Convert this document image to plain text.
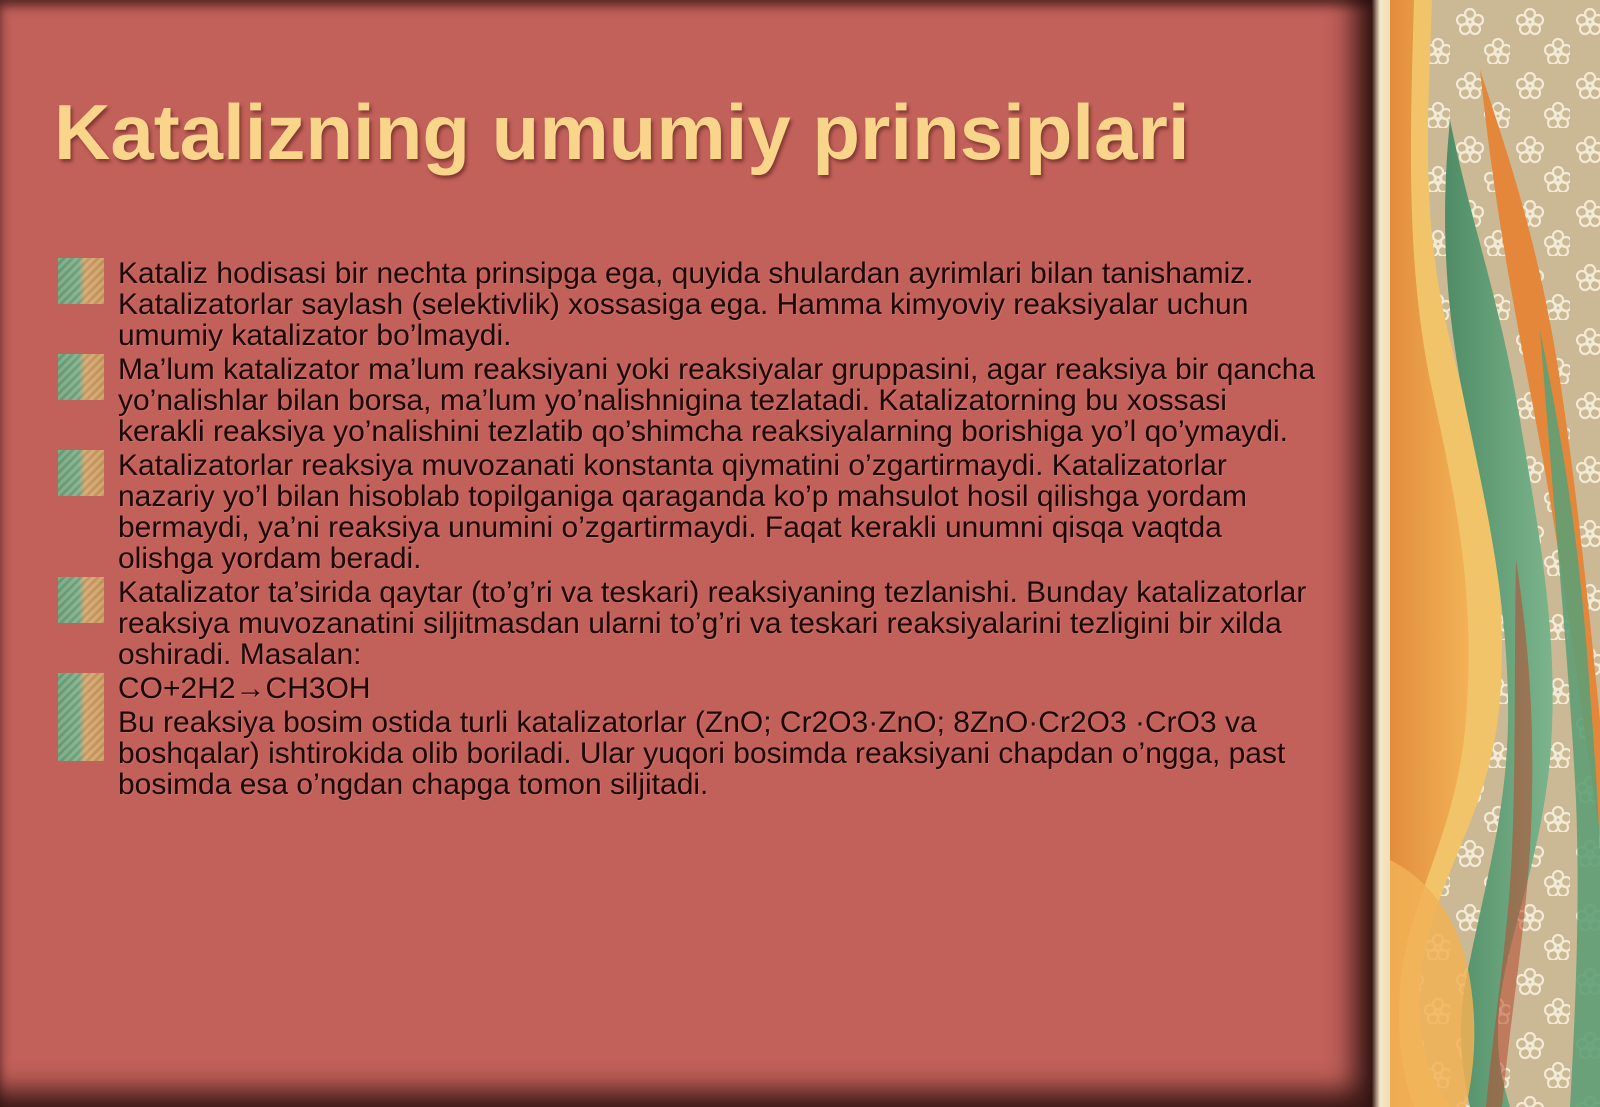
Katalizning umumiy prinsiplari
Kataliz hodisasi bir nechta prinsipga ega, quyida shulardan ayrimlari bilan tanishamiz. Katalizatorlar saylash (selektivlik) xossasiga ega. Hamma kimyoviy reaksiyalar uchun umumiy katalizator bo’lmaydi.
Ma’lum katalizator ma’lum reaksiyani yoki reaksiyalar gruppasini, agar reaksiya bir qancha yo’nalishlar bilan borsa, ma’lum yo’nalishnigina tezlatadi. Katalizatorning bu xossasi kerakli reaksiya yo’nalishini tezlatib qo’shimcha reaksiyalarning borishiga yo’l qo’ymaydi.
Katalizatorlar reaksiya muvozanati konstanta qiymatini o’zgartirmaydi. Katalizatorlar nazariy yo’l bilan hisoblab topilganiga qaraganda ko’p mahsulot hosil qilishga yordam bermaydi, ya’ni reaksiya unumini o’zgartirmaydi. Faqat kerakli unumni qisqa vaqtda olishga yordam beradi.
Katalizator ta’sirida qaytar (to’g’ri va teskari) reaksiyaning tezlanishi. Bunday katalizatorlar reaksiya muvozanatini siljitmasdan ularni to’g’ri va teskari reaksiyalarini tezligini bir xilda oshiradi. Masalan:
CO+2H2→CH3OH
Bu reaksiya bosim ostida turli katalizatorlar (ZnO; Cr2O3·ZnO; 8ZnO·Cr2O3 ·CrO3 va boshqalar) ishtirokida olib boriladi. Ular yuqori bosimda reaksiyani chapdan o’ngga, past bosimda esa o’ngdan chapga tomon siljitadi.
